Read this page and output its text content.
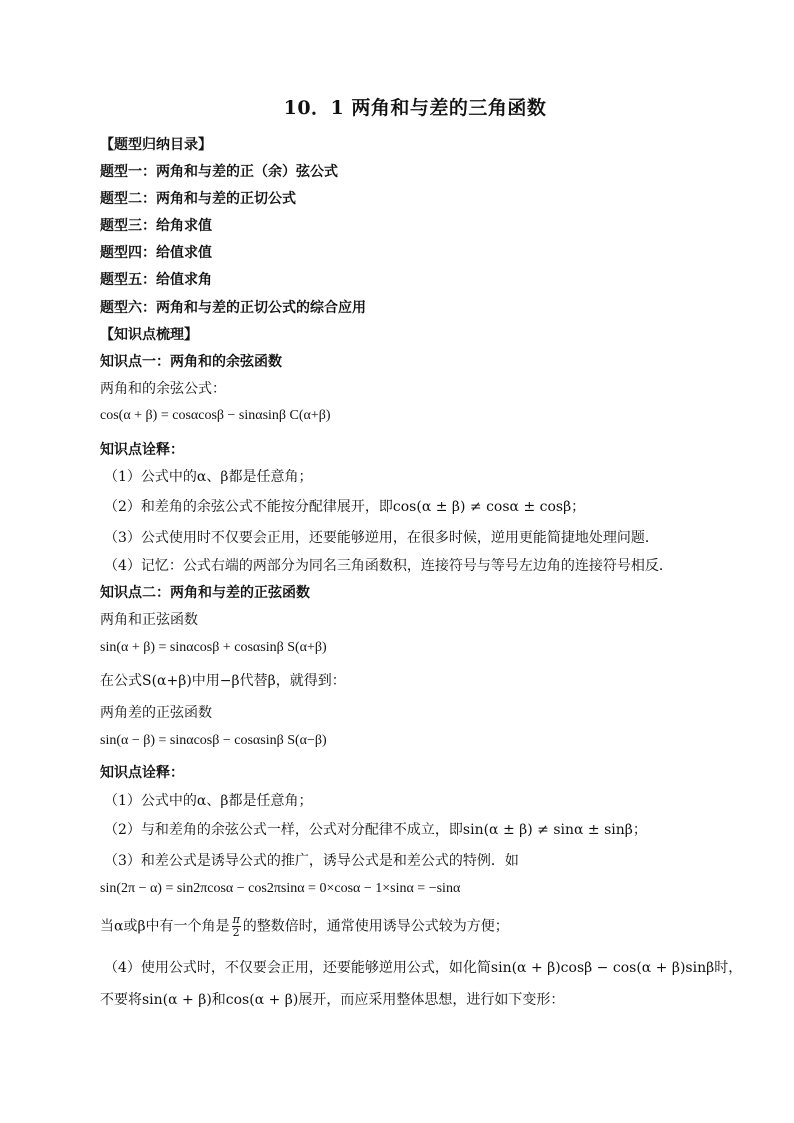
10．1 两角和与差的三角函数
【题型归纳目录】
题型一：两角和与差的正（余）弦公式
题型二：两角和与差的正切公式
题型三：给角求值
题型四：给值求值
题型五：给值求角
题型六：两角和与差的正切公式的综合应用
【知识点梳理】
知识点一：两角和的余弦函数
两角和的余弦公式：
cos(α + β) = cosαcosβ − sinαsinβ C(α+β)
知识点诠释：
（1）公式中的α、β都是任意角；
（2）和差角的余弦公式不能按分配律展开，即cos(α ± β) ≠ cosα ± cosβ；
（3）公式使用时不仅要会正用，还要能够逆用，在很多时候，逆用更能简捷地处理问题．
（4）记忆：公式右端的两部分为同名三角函数积，连接符号与等号左边角的连接符号相反．
知识点二：两角和与差的正弦函数
两角和正弦函数
sin(α + β) = sinαcosβ + cosαsinβ S(α+β)
在公式S(α+β)中用−β代替β，就得到：
两角差的正弦函数
sin(α − β) = sinαcosβ − cosαsinβ S(α−β)
知识点诠释：
（1）公式中的α、β都是任意角；
（2）与和差角的余弦公式一样，公式对分配律不成立，即sin(α ± β) ≠ sinα ± sinβ；
（3）和差公式是诱导公式的推广，诱导公式是和差公式的特例．如
sin(2π − α) = sin2πcosα − cos2πsinα = 0×cosα − 1×sinα = −sinα
当α或β中有一个角是 $\frac{\pi}{2}$ 的整数倍时，通常使用诱导公式较为方便；
（4）使用公式时，不仅要会正用，还要能够逆用公式，如化简sin(α + β)cosβ − cos(α + β)sinβ时，
不要将sin(α + β)和cos(α + β)展开，而应采用整体思想，进行如下变形：
